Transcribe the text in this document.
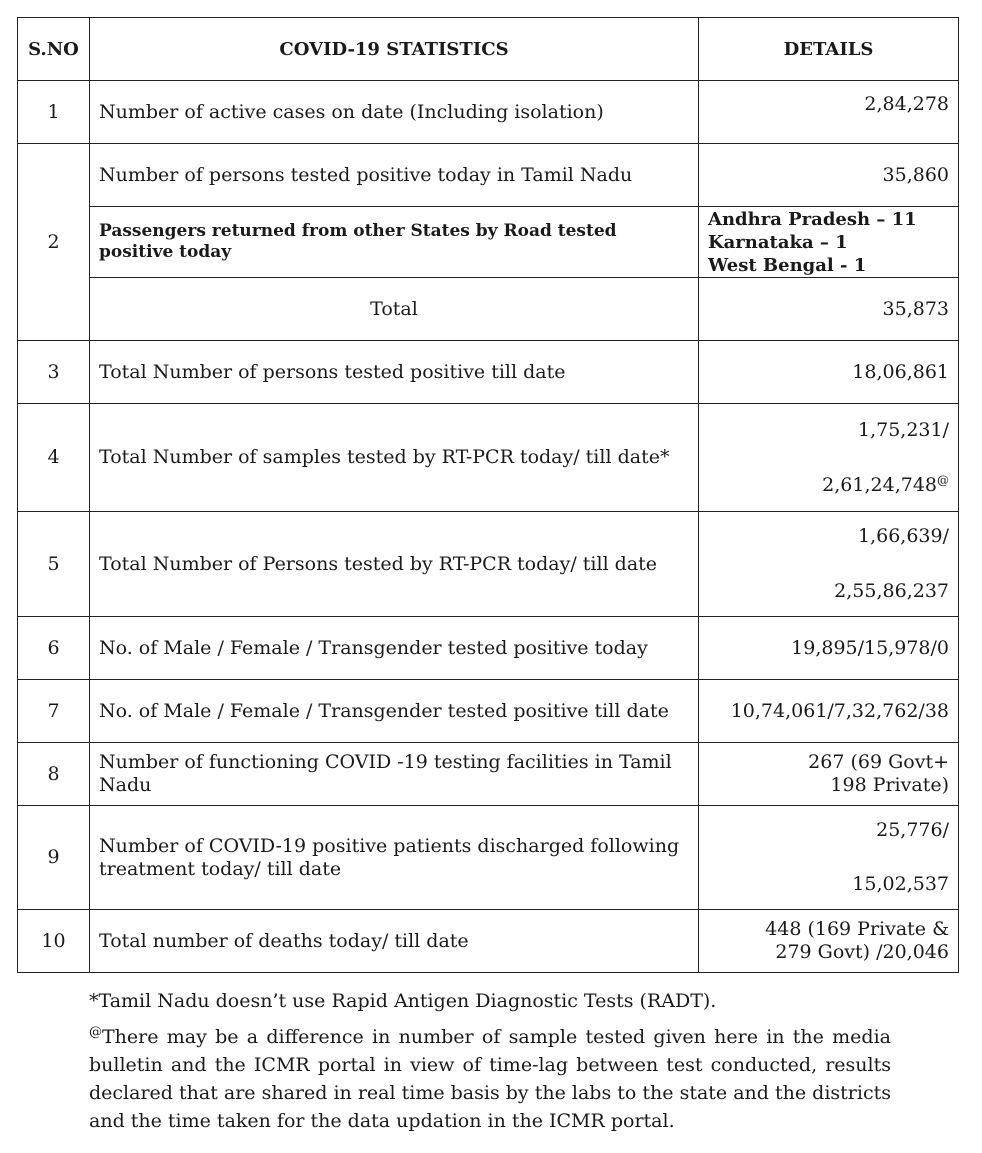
S.NO	COVID-19 STATISTICS	DETAILS
1	Number of active cases on date (Including isolation)	2,84,278
2	Number of persons tested positive today in Tamil Nadu	35,860
	Passengers returned from other States by Road tested positive today	Andhra Pradesh – 11
Karnataka – 1
West Bengal - 1

	Total	35,873
3	Total Number of persons tested positive till date	18,06,861
4	Total Number of samples tested by RT-PCR today/ till date*	1,75,231/
2,61,24,748@

5	Total Number of Persons tested by RT-PCR today/ till date	1,66,639/
2,55,86,237

6	No. of Male / Female / Transgender tested positive today	19,895/15,978/0
7	No. of Male / Female / Transgender tested positive till date	10,74,061/7,32,762/38
8	Number of functioning COVID -19 testing facilities in Tamil Nadu	267 (69 Govt+
198 Private)

9	Number of COVID-19 positive patients discharged following treatment today/ till date	25,776/
15,02,537

10	Total number of deaths today/ till date	448 (169 Private &
279 Govt) /20,046
*Tamil Nadu doesn’t use Rapid Antigen Diagnostic Tests (RADT).
@There may be a difference in number of sample tested given here in the media bulletin and the ICMR portal in view of time-lag between test conducted, results declared that are shared in real time basis by the labs to the state and the districts and the time taken for the data updation in the ICMR portal.
